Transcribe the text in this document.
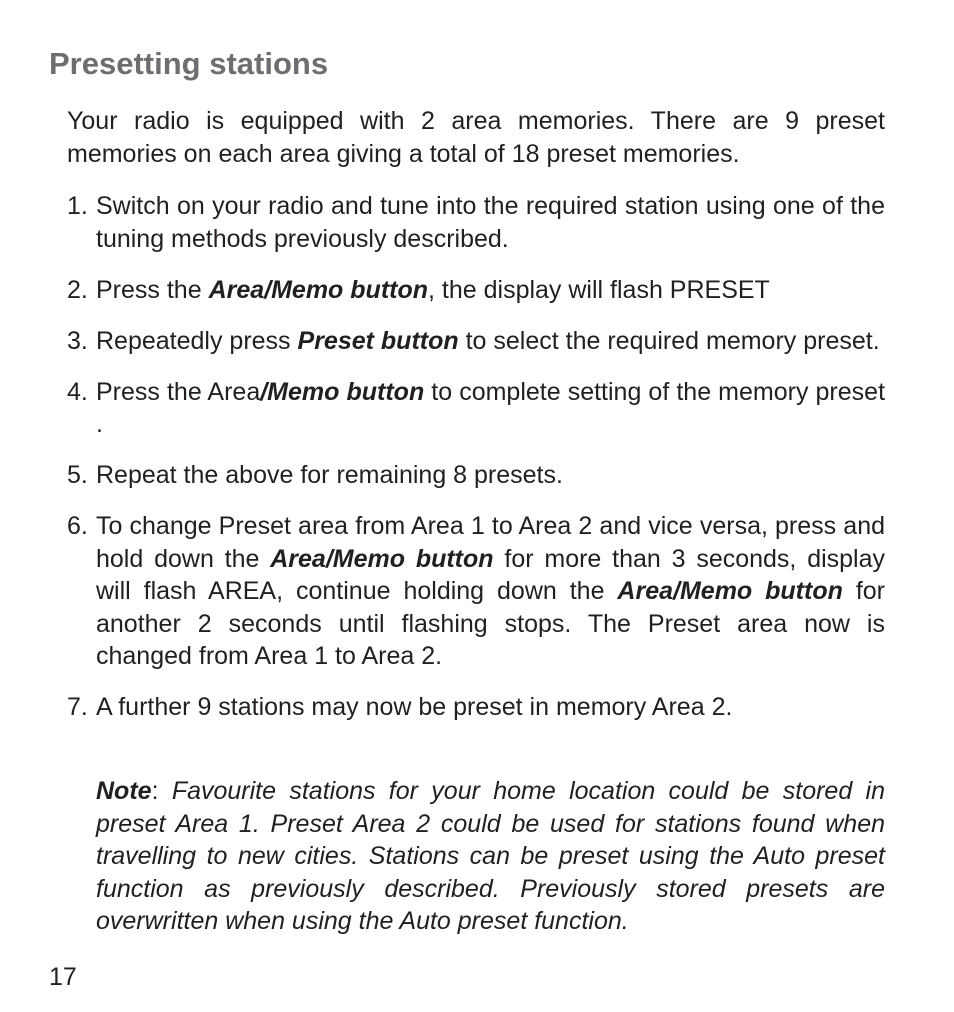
Presetting stations

Your radio is equipped with 2 area memories. There are 9 preset memories on each area giving a total of 18 preset memories.

1. Switch on your radio and tune into the required station using one of the tuning methods previously described.
2. Press the Area/Memo button, the display will flash PRESET
3. Repeatedly press Preset button to select the required memory preset.
4. Press the Area/Memo button to complete setting of the memory preset .
5. Repeat the above for remaining 8 presets.
6. To change Preset area from Area 1 to Area 2 and vice versa, press and hold down the Area/Memo button for more than 3 seconds, display will flash AREA, continue holding down the Area/Memo button for another 2 seconds until flashing stops. The Preset area now is changed from Area 1 to Area 2.
7. A further 9 stations may now be preset in memory Area 2.

Note: Favourite stations for your home location could be stored in preset Area 1. Preset Area 2 could be used for stations found when travelling to new cities. Stations can be preset using the Auto preset function as previously described. Previously stored presets are overwritten when using the Auto preset function.

17
